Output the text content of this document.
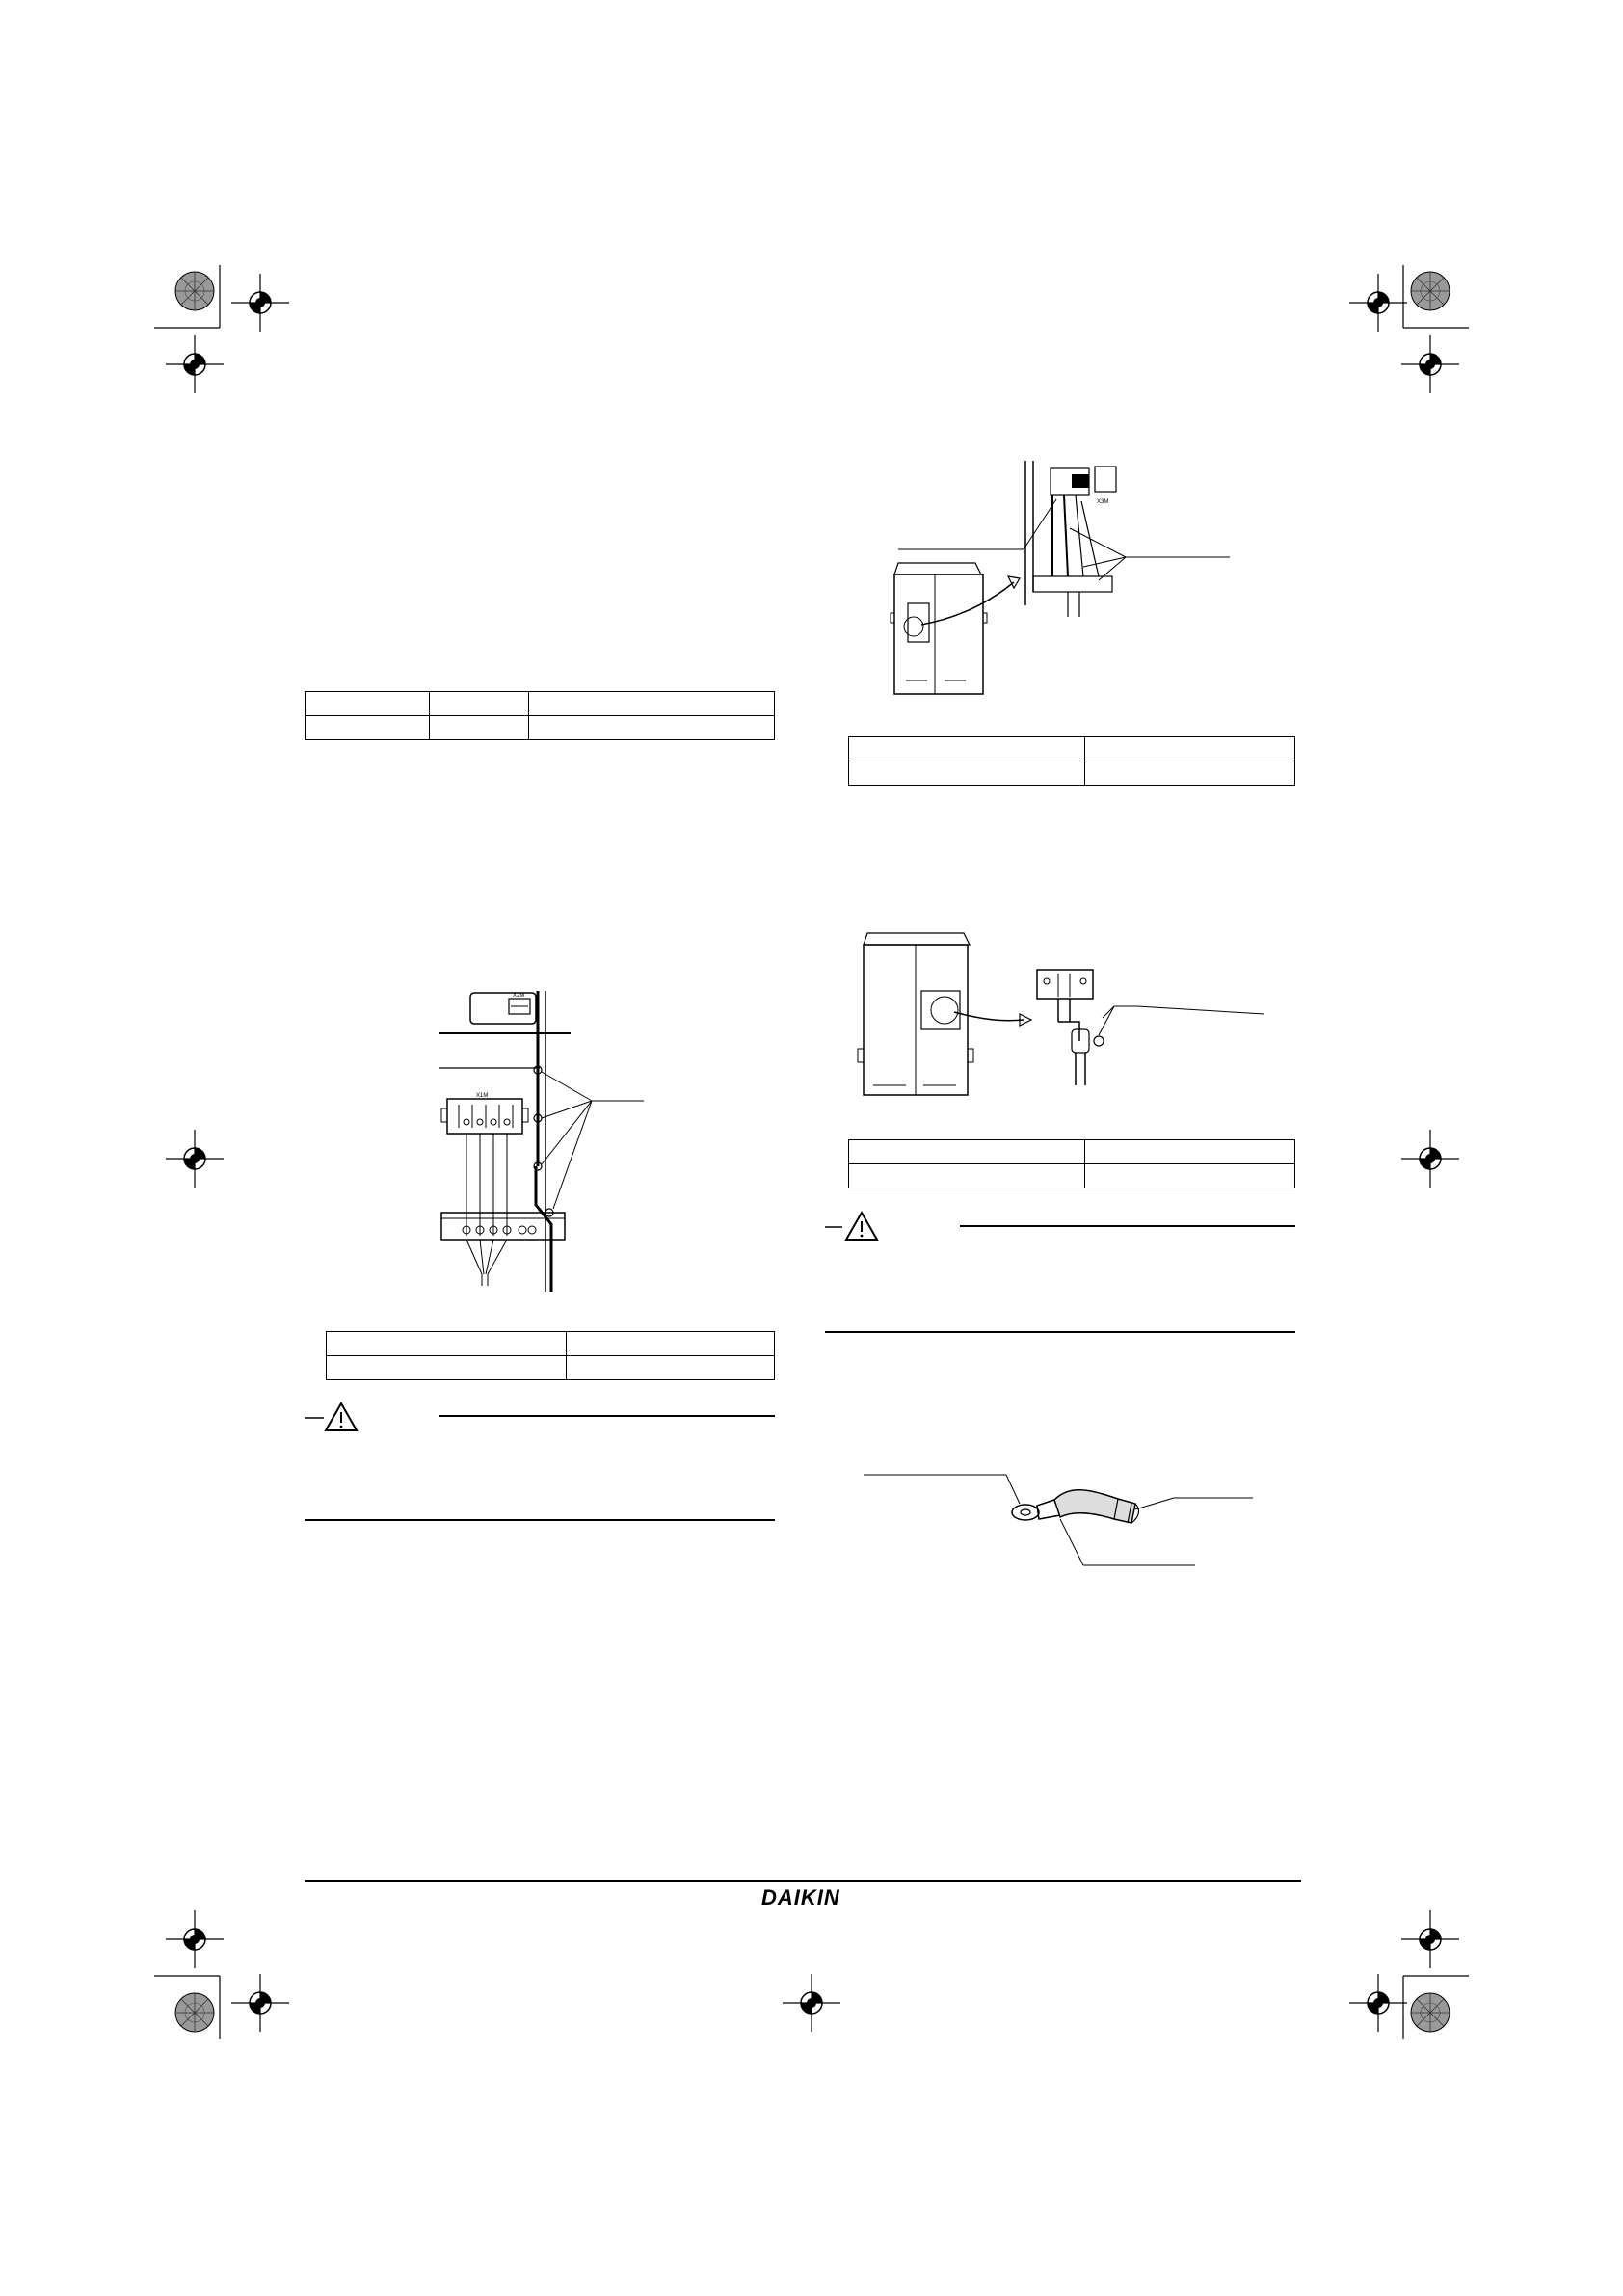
X2M
X1M

X3M

DAIKIN
